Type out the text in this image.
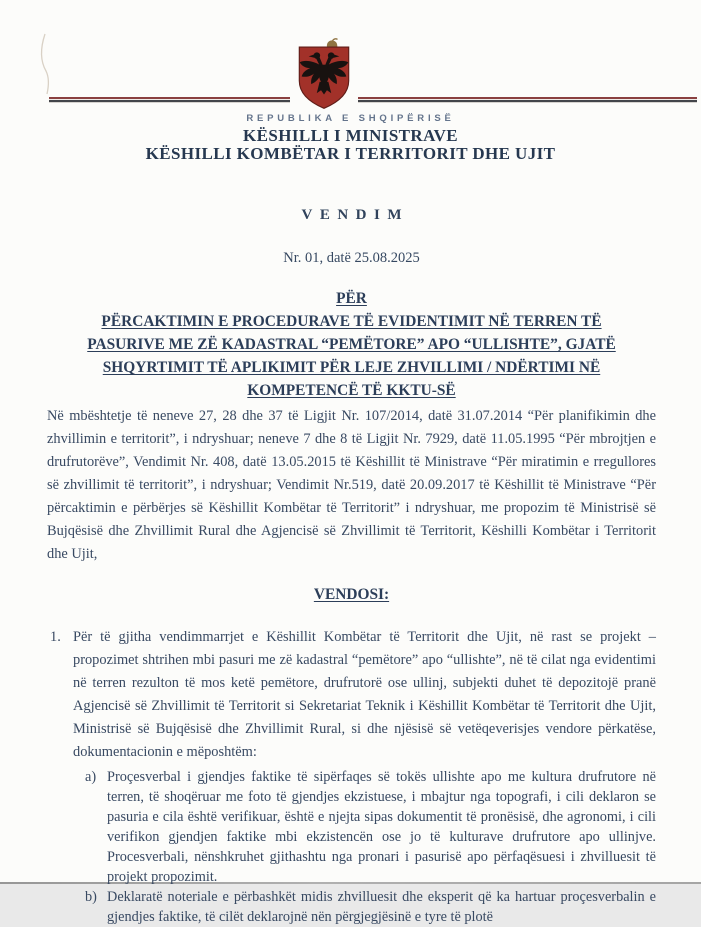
REPUBLIKA E SHQIPËRISË
KËSHILLI I MINISTRAVE
KËSHILLI KOMBËTAR I TERRITORIT DHE UJIT
VENDIM
Nr. 01, datë 25.08.2025
PËR
PËRCAKTIMIN E PROCEDURAVE TË EVIDENTIMIT NË TERREN TË
PASURIVE ME ZË KADASTRAL “PEMËTORE” APO “ULLISHTE”, GJATË
SHQYRTIMIT TË APLIKIMIT PËR LEJE ZHVILLIMI / NDËRTIMI NË
KOMPETENCË TË KKTU-SË

Në mbështetje të neneve 27, 28 dhe 37 të Ligjit Nr. 107/2014, datë 31.07.2014 “Për planifikimin dhe zhvillimin e territorit”, i ndryshuar; neneve 7 dhe 8 të Ligjit Nr. 7929, datë 11.05.1995 “Për mbrojtjen e drufrutorëve”, Vendimit Nr. 408, datë 13.05.2015 të Këshillit të Ministrave “Për miratimin e rregullores së zhvillimit të territorit”, i ndryshuar; Vendimit Nr.519, datë 20.09.2017 të Këshillit të Ministrave “Për përcaktimin e përbërjes së Këshillit Kombëtar të Territorit” i ndryshuar, me propozim të Ministrisë së Bujqësisë dhe Zhvillimit Rural dhe Agjencisë së Zhvillimit të Territorit, Këshilli Kombëtar i Territorit dhe Ujit,

VENDOSI:
1. Për të gjitha vendimmarrjet e Këshillit Kombëtar të Territorit dhe Ujit, në rast se projekt – propozimet shtrihen mbi pasuri me zë kadastral “pemëtore” apo “ullishte”, në të cilat nga evidentimi në terren rezulton të mos ketë pemëtore, drufrutorë ose ullinj, subjekti duhet të depozitojë pranë Agjencisë së Zhvillimit të Territorit si Sekretariat Teknik i Këshillit Kombëtar të Territorit dhe Ujit, Ministrisë së Bujqësisë dhe Zhvillimit Rural, si dhe njësisë së vetëqeverisjes vendore përkatëse, dokumentacionin e mëposhtëm:
a) Proçesverbal i gjendjes faktike të sipërfaqes së tokës ullishte apo me kultura drufrutore në terren, të shoqëruar me foto të gjendjes ekzistuese, i mbajtur nga topografi, i cili deklaron se pasuria e cila është verifikuar, është e njejta sipas dokumentit të pronësisë, dhe agronomi, i cili verifikon gjendjen faktike mbi ekzistencën ose jo të kulturave drufrutore apo ullinjve. Procesverbali, nënshkruhet gjithashtu nga pronari i pasurisë apo përfaqësuesi i zhvilluesit të projekt propozimit.
b) Deklaratë noteriale e përbashkët midis zhvilluesit dhe eksperit që ka hartuar proçesverbalin e gjendjes faktike, të cilët deklarojnë nën përgjegjësinë e tyre të plotë
